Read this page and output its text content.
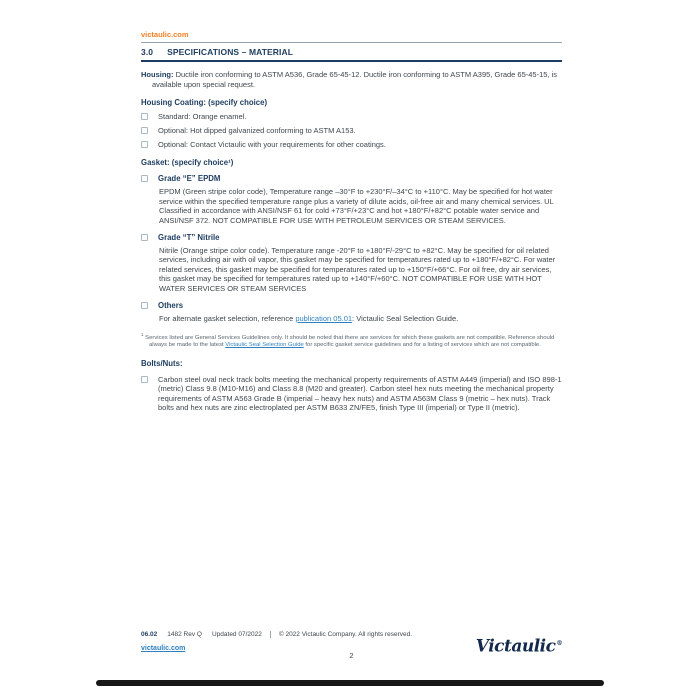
victaulic.com
3.0 SPECIFICATIONS – MATERIAL

Housing: Ductile iron conforming to ASTM A536, Grade 65-45-12. Ductile iron conforming to ASTM A395, Grade 65-45-15, is available upon special request.

Housing Coating: (specify choice)
Standard: Orange enamel.
Optional: Hot dipped galvanized conforming to ASTM A153.
Optional: Contact Victaulic with your requirements for other coatings.
Gasket: (specify choice¹)
Grade “E” EPDM

EPDM (Green stripe color code), Temperature range –30°F to +230°F/–34°C to +110°C. May be specified for hot water service within the specified temperature range plus a variety of dilute acids, oil-free air and many chemical services. UL Classified in accordance with ANSI/NSF 61 for cold +73°F/+23°C and hot +180°F/+82°C potable water service and ANSI/NSF 372. NOT COMPATIBLE FOR USE WITH PETROLEUM SERVICES OR STEAM SERVICES.

Grade “T” Nitrile

Nitrile (Orange stripe color code). Temperature range -20°F to +180°F/-29°C to +82°C. May be specified for oil related services, including air with oil vapor, this gasket may be specified for temperatures rated up to +180°F/+82°C. For water related services, this gasket may be specified for temperatures rated up to +150°F/+66°C. For oil free, dry air services, this gasket may be specified for temperatures rated up to +140°F/+60°C. NOT COMPATIBLE FOR USE WITH HOT WATER SERVICES OR STEAM SERVICES

Others

For alternate gasket selection, reference publication 05.01: Victaulic Seal Selection Guide.

$^1$ Services listed are General Services Guidelines only. It should be noted that there are services for which these gaskets are not compatible. Reference should always be made to the latest Victaulic Seal Selection Guide for specific gasket service guidelines and for a listing of services which are not compatible.

Bolts/Nuts:
Carbon steel oval neck track bolts meeting the mechanical property requirements of ASTM A449 (imperial) and ISO 898-1 (metric) Class 9.8 (M10-M16) and Class 8.8 (M20 and greater). Carbon steel hex nuts meeting the mechanical property requirements of ASTM A563 Grade B (imperial – heavy hex nuts) and ASTM A563M Class 9 (metric – hex nuts). Track bolts and hex nuts are zinc electroplated per ASTM B633 ZN/FE5, finish Type III (imperial) or Type II (metric).
06.02 1482 Rev Q Updated 07/2022	© 2022 Victaulic Company. All rights reserved.
victaulic.com
2	Victaulic®
